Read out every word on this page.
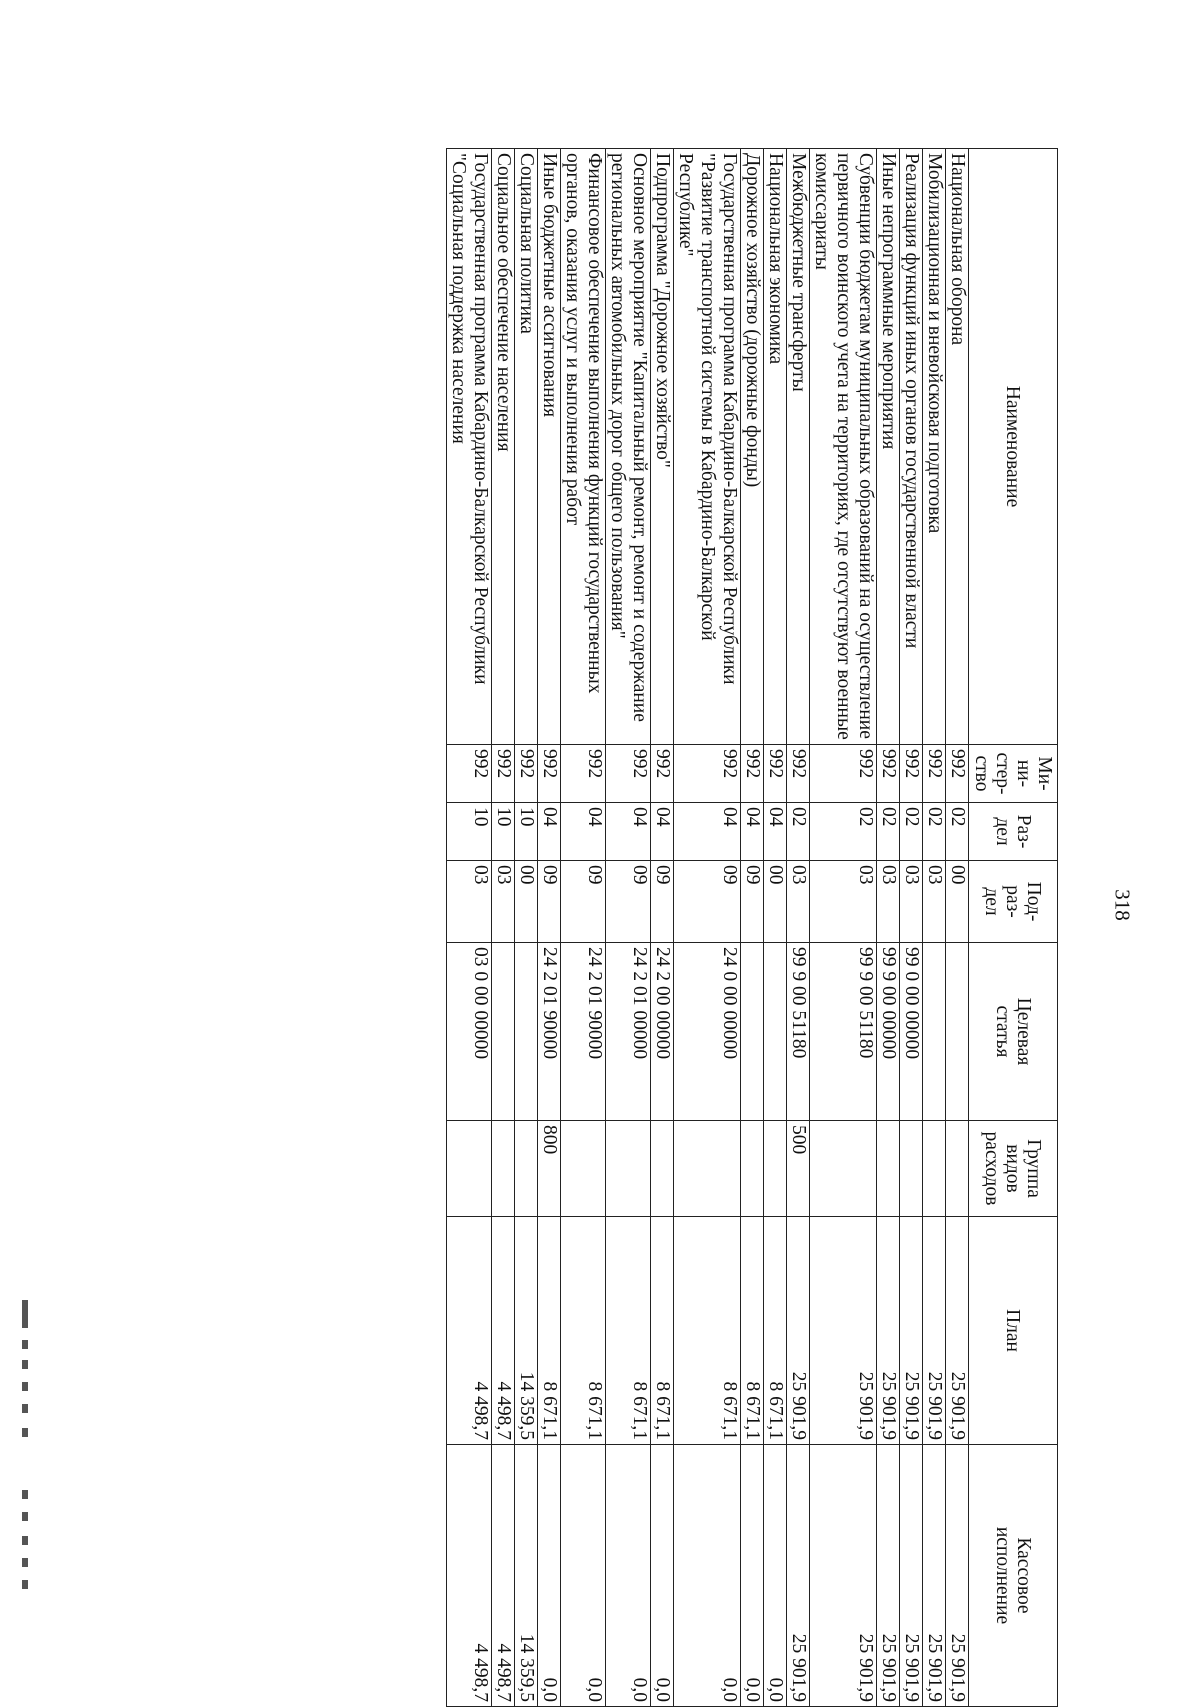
318
Наименование	Ми-
ни-
стер-
ство	Раз-
дел	Под-
раз-
дел	Целевая
статья	Группа
видов
расходов	План	Кассовое
исполнение
Национальная оборона	992	02	00			25 901,9	25 901,9
Мобилизационная и вневойсковая подготовка	992	02	03			25 901,9	25 901,9
Реализация функций иных органов государственной власти	992	02	03	99 0 00 00000		25 901,9	25 901,9
Иные непрограммные мероприятия	992	02	03	99 9 00 00000		25 901,9	25 901,9
Субвенции бюджетам муниципальных образований на осуществление первичного воинского учета на территориях, где отсутствуют военные комиссариаты	992	02	03	99 9 00 51180		25 901,9	25 901,9
Межбюджетные трансферты	992	02	03	99 9 00 51180	500	25 901,9	25 901,9
Национальная экономика	992	04	00			8 671,1	0,0
Дорожное хозяйство (дорожные фонды)	992	04	09			8 671,1	0,0
Государственная программа Кабардино-Балкарской Республики "Развитие транспортной системы в Кабардино-Балкарской Республике"	992	04	09	24 0 00 00000		8 671,1	0,0
Подпрограмма "Дорожное хозяйство"	992	04	09	24 2 00 00000		8 671,1	0,0
Основное мероприятие "Капитальный ремонт, ремонт и содержание региональных автомобильных дорог общего пользования"	992	04	09	24 2 01 00000		8 671,1	0,0
Финансовое обеспечение выполнения функций государственных органов, оказания услуг и выполнения работ	992	04	09	24 2 01 90000		8 671,1	0,0
Иные бюджетные ассигнования	992	04	09	24 2 01 90000	800	8 671,1	0,0
Социальная политика	992	10	00			14 359,5	14 359,5
Социальное обеспечение населения	992	10	03			4 498,7	4 498,7
Государственная программа Кабардино-Балкарской Республики "Социальная поддержка населения	992	10	03	03 0 00 00000		4 498,7	4 498,7
